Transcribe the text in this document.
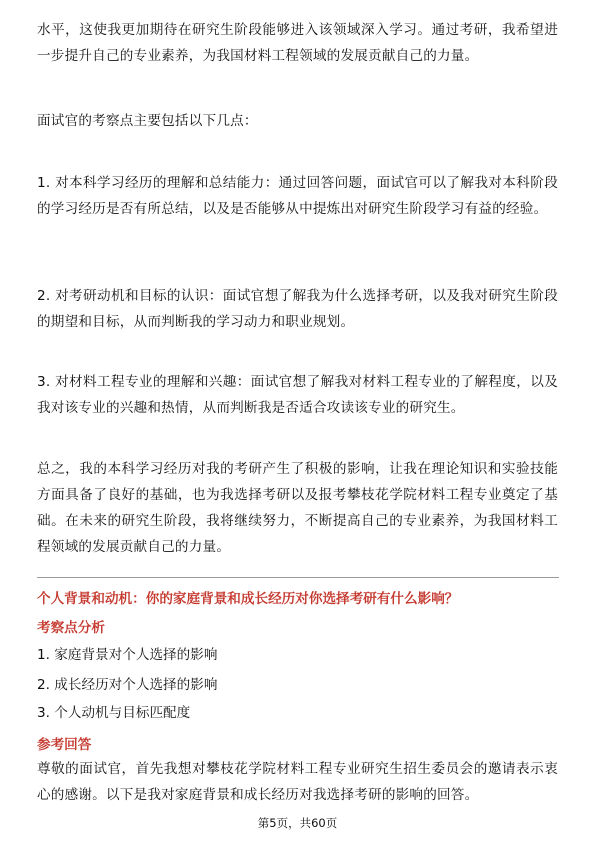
水平，这使我更加期待在研究生阶段能够进入该领域深入学习。通过考研，我希望进一步提升自己的专业素养，为我国材料工程领域的发展贡献自己的力量。

面试官的考察点主要包括以下几点：

1. 对本科学习经历的理解和总结能力：通过回答问题，面试官可以了解我对本科阶段的学习经历是否有所总结，以及是否能够从中提炼出对研究生阶段学习有益的经验。

2. 对考研动机和目标的认识：面试官想了解我为什么选择考研，以及我对研究生阶段的期望和目标，从而判断我的学习动力和职业规划。

3. 对材料工程专业的理解和兴趣：面试官想了解我对材料工程专业的了解程度，以及我对该专业的兴趣和热情，从而判断我是否适合攻读该专业的研究生。

总之，我的本科学习经历对我的考研产生了积极的影响，让我在理论知识和实验技能方面具备了良好的基础，也为我选择考研以及报考攀枝花学院材料工程专业奠定了基础。在未来的研究生阶段，我将继续努力，不断提高自己的专业素养，为我国材料工程领域的发展贡献自己的力量。

个人背景和动机：你的家庭背景和成长经历对你选择考研有什么影响？

考察点分析

1. 家庭背景对个人选择的影响

2. 成长经历对个人选择的影响

3. 个人动机与目标匹配度

参考回答

尊敬的面试官，首先我想对攀枝花学院材料工程专业研究生招生委员会的邀请表示衷心的感谢。以下是我对家庭背景和成长经历对我选择考研的影响的回答。

第5页，共60页
